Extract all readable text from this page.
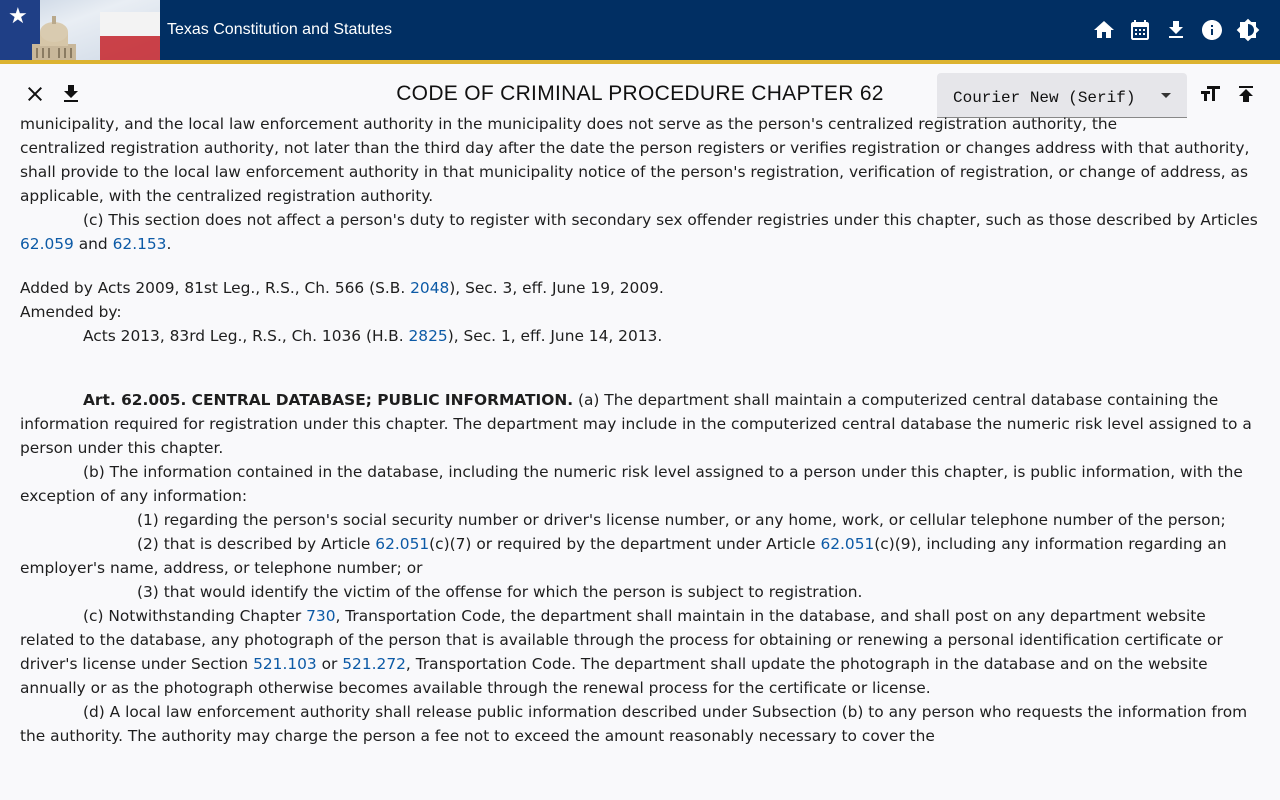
★
Texas Constitution and Statutes
CODE OF CRIMINAL PROCEDURE CHAPTER 62	Courier New (Serif)

municipality, and the local law enforcement authority in the municipality does not serve as the person's centralized registration authority, the

centralized registration authority, not later than the third day after the date the person registers or verifies registration or changes address with that authority, shall provide to the local law enforcement authority in that municipality notice of the person's registration, verification of registration, or change of address, as applicable, with the centralized registration authority.

(c) This section does not affect a person's duty to register with secondary sex offender registries under this chapter, such as those described by Articles 62.059 and 62.153.

Added by Acts 2009, 81st Leg., R.S., Ch. 566 (S.B. 2048), Sec. 3, eff. June 19, 2009.

Amended by:

Acts 2013, 83rd Leg., R.S., Ch. 1036 (H.B. 2825), Sec. 1, eff. June 14, 2013.

Art. 62.005. CENTRAL DATABASE; PUBLIC INFORMATION. (a) The department shall maintain a computerized central database containing the information required for registration under this chapter. The department may include in the computerized central database the numeric risk level assigned to a person under this chapter.

(b) The information contained in the database, including the numeric risk level assigned to a person under this chapter, is public information, with the exception of any information:

(1) regarding the person's social security number or driver's license number, or any home, work, or cellular telephone number of the person;

(2) that is described by Article 62.051(c)(7) or required by the department under Article 62.051(c)(9), including any information regarding an employer's name, address, or telephone number; or

(3) that would identify the victim of the offense for which the person is subject to registration.

(c) Notwithstanding Chapter 730, Transportation Code, the department shall maintain in the database, and shall post on any department website related to the database, any photograph of the person that is available through the process for obtaining or renewing a personal identification certificate or driver's license under Section 521.103 or 521.272, Transportation Code. The department shall update the photograph in the database and on the website annually or as the photograph otherwise becomes available through the renewal process for the certificate or license.

(d) A local law enforcement authority shall release public information described under Subsection (b) to any person who requests the information from the authority. The authority may charge the person a fee not to exceed the amount reasonably necessary to cover the
